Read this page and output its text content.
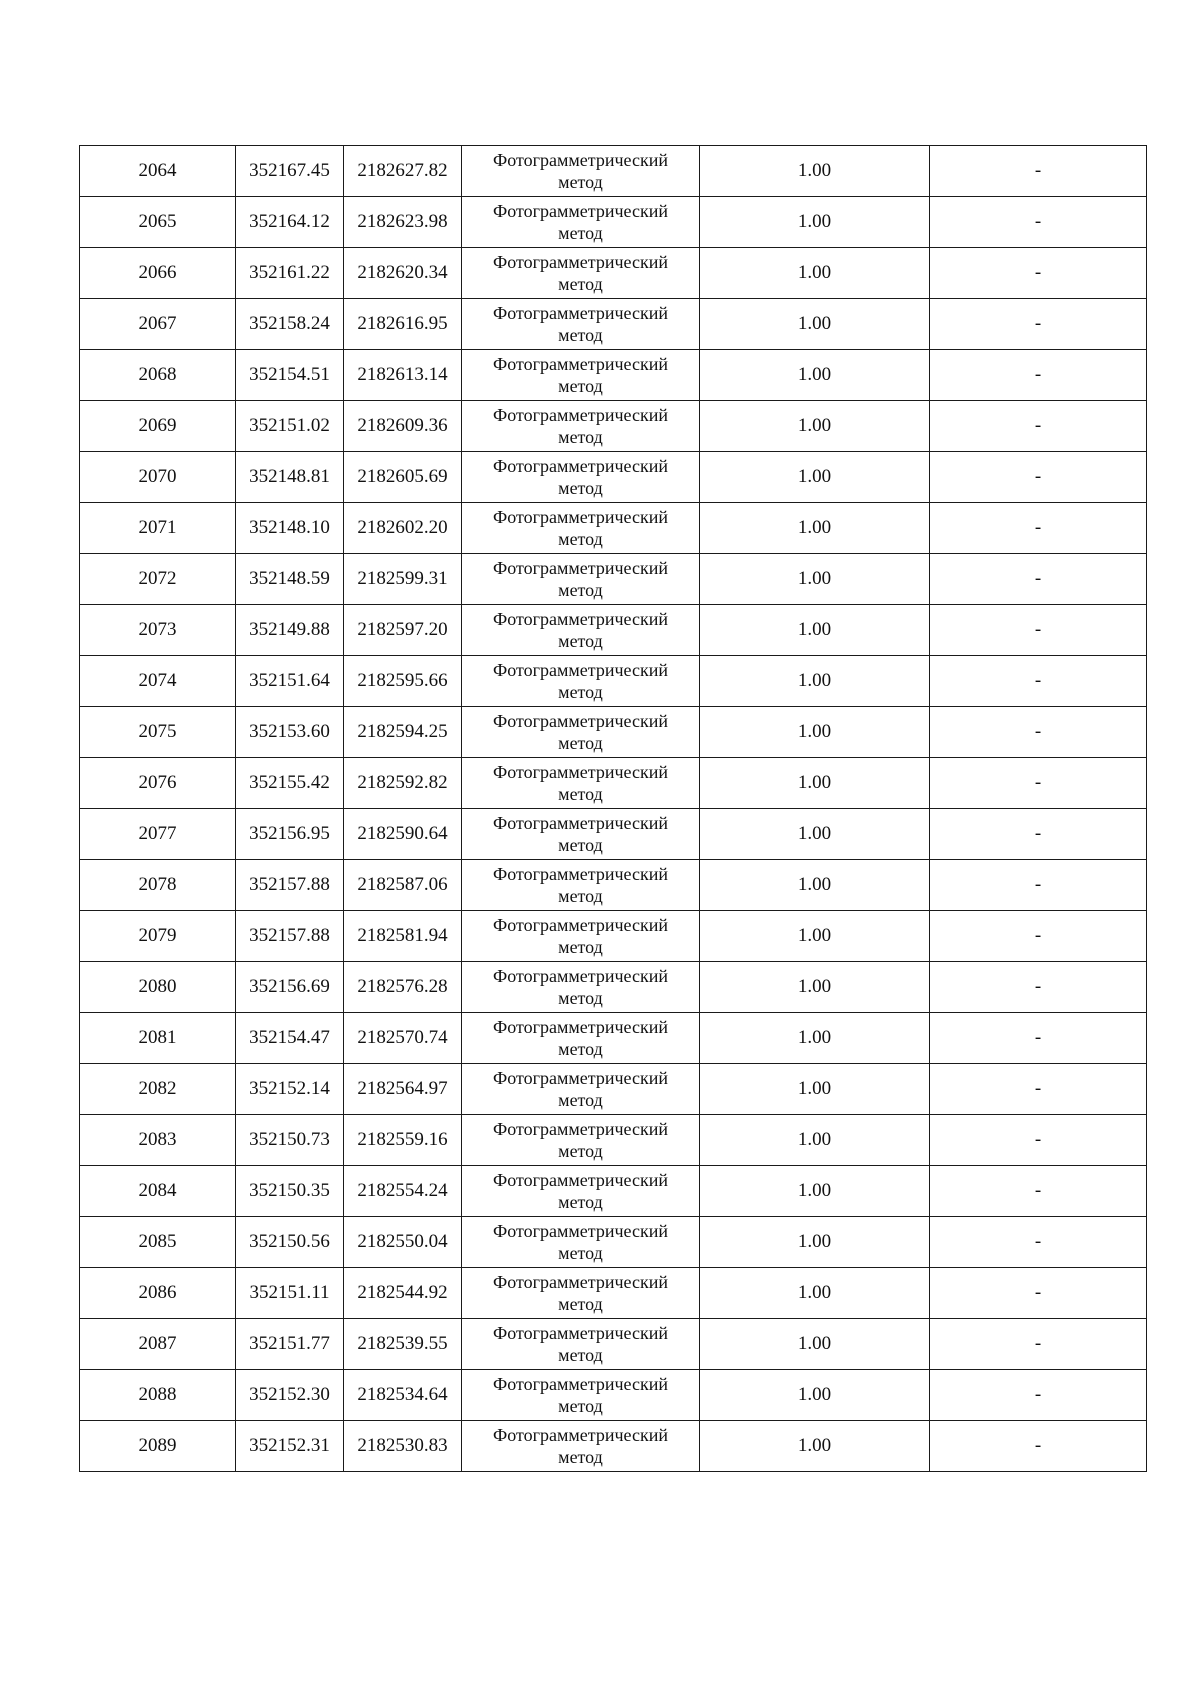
2064	352167.45	2182627.82	Фотограмметрический
метод	1.00	-
2065	352164.12	2182623.98	Фотограмметрический
метод	1.00	-
2066	352161.22	2182620.34	Фотограмметрический
метод	1.00	-
2067	352158.24	2182616.95	Фотограмметрический
метод	1.00	-
2068	352154.51	2182613.14	Фотограмметрический
метод	1.00	-
2069	352151.02	2182609.36	Фотограмметрический
метод	1.00	-
2070	352148.81	2182605.69	Фотограмметрический
метод	1.00	-
2071	352148.10	2182602.20	Фотограмметрический
метод	1.00	-
2072	352148.59	2182599.31	Фотограмметрический
метод	1.00	-
2073	352149.88	2182597.20	Фотограмметрический
метод	1.00	-
2074	352151.64	2182595.66	Фотограмметрический
метод	1.00	-
2075	352153.60	2182594.25	Фотограмметрический
метод	1.00	-
2076	352155.42	2182592.82	Фотограмметрический
метод	1.00	-
2077	352156.95	2182590.64	Фотограмметрический
метод	1.00	-
2078	352157.88	2182587.06	Фотограмметрический
метод	1.00	-
2079	352157.88	2182581.94	Фотограмметрический
метод	1.00	-
2080	352156.69	2182576.28	Фотограмметрический
метод	1.00	-
2081	352154.47	2182570.74	Фотограмметрический
метод	1.00	-
2082	352152.14	2182564.97	Фотограмметрический
метод	1.00	-
2083	352150.73	2182559.16	Фотограмметрический
метод	1.00	-
2084	352150.35	2182554.24	Фотограмметрический
метод	1.00	-
2085	352150.56	2182550.04	Фотограмметрический
метод	1.00	-
2086	352151.11	2182544.92	Фотограмметрический
метод	1.00	-
2087	352151.77	2182539.55	Фотограмметрический
метод	1.00	-
2088	352152.30	2182534.64	Фотограмметрический
метод	1.00	-
2089	352152.31	2182530.83	Фотограмметрический
метод	1.00	-
